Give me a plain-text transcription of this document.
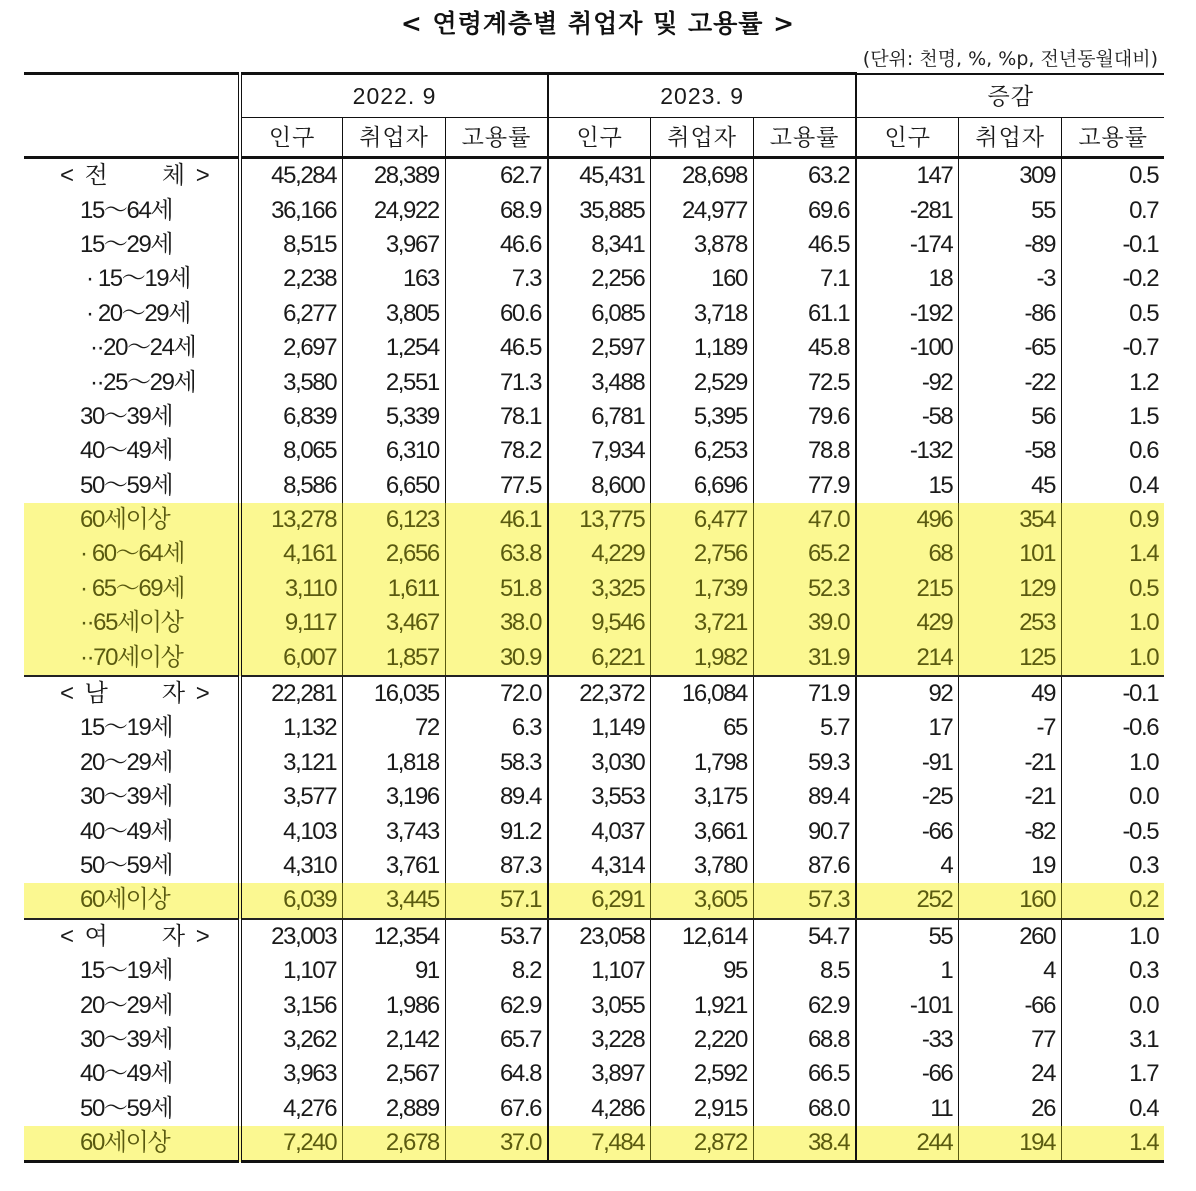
< 연령계층별 취업자 및 고용률 >
(단위: 천명, %, %p, 전년동월대비)
	2022. 9			2023. 9			증감		
	인구	취업자	고용률	인구	취업자	고용률	인구	취업자	고용률
< 전　　체 >	45,284	28,389	62.7	45,431	28,698	63.2	147	309	0.5
15～64세	36,166	24,922	68.9	35,885	24,977	69.6	-281	55	0.7
15～29세	8,515	3,967	46.6	8,341	3,878	46.5	-174	-89	-0.1
· 15～19세	2,238	163	7.3	2,256	160	7.1	18	-3	-0.2
· 20～29세	6,277	3,805	60.6	6,085	3,718	61.1	-192	-86	0.5
··20～24세	2,697	1,254	46.5	2,597	1,189	45.8	-100	-65	-0.7
··25～29세	3,580	2,551	71.3	3,488	2,529	72.5	-92	-22	1.2
30～39세	6,839	5,339	78.1	6,781	5,395	79.6	-58	56	1.5
40～49세	8,065	6,310	78.2	7,934	6,253	78.8	-132	-58	0.6
50～59세	8,586	6,650	77.5	8,600	6,696	77.9	15	45	0.4
60세이상	13,278	6,123	46.1	13,775	6,477	47.0	496	354	0.9
· 60～64세	4,161	2,656	63.8	4,229	2,756	65.2	68	101	1.4
· 65～69세	3,110	1,611	51.8	3,325	1,739	52.3	215	129	0.5
··65세이상	9,117	3,467	38.0	9,546	3,721	39.0	429	253	1.0
··70세이상	6,007	1,857	30.9	6,221	1,982	31.9	214	125	1.0
< 남　　자 >	22,281	16,035	72.0	22,372	16,084	71.9	92	49	-0.1
15～19세	1,132	72	6.3	1,149	65	5.7	17	-7	-0.6
20～29세	3,121	1,818	58.3	3,030	1,798	59.3	-91	-21	1.0
30～39세	3,577	3,196	89.4	3,553	3,175	89.4	-25	-21	0.0
40～49세	4,103	3,743	91.2	4,037	3,661	90.7	-66	-82	-0.5
50～59세	4,310	3,761	87.3	4,314	3,780	87.6	4	19	0.3
60세이상	6,039	3,445	57.1	6,291	3,605	57.3	252	160	0.2
< 여　　자 >	23,003	12,354	53.7	23,058	12,614	54.7	55	260	1.0
15～19세	1,107	91	8.2	1,107	95	8.5	1	4	0.3
20～29세	3,156	1,986	62.9	3,055	1,921	62.9	-101	-66	0.0
30～39세	3,262	2,142	65.7	3,228	2,220	68.8	-33	77	3.1
40～49세	3,963	2,567	64.8	3,897	2,592	66.5	-66	24	1.7
50～59세	4,276	2,889	67.6	4,286	2,915	68.0	11	26	0.4
60세이상	7,240	2,678	37.0	7,484	2,872	38.4	244	194	1.4
